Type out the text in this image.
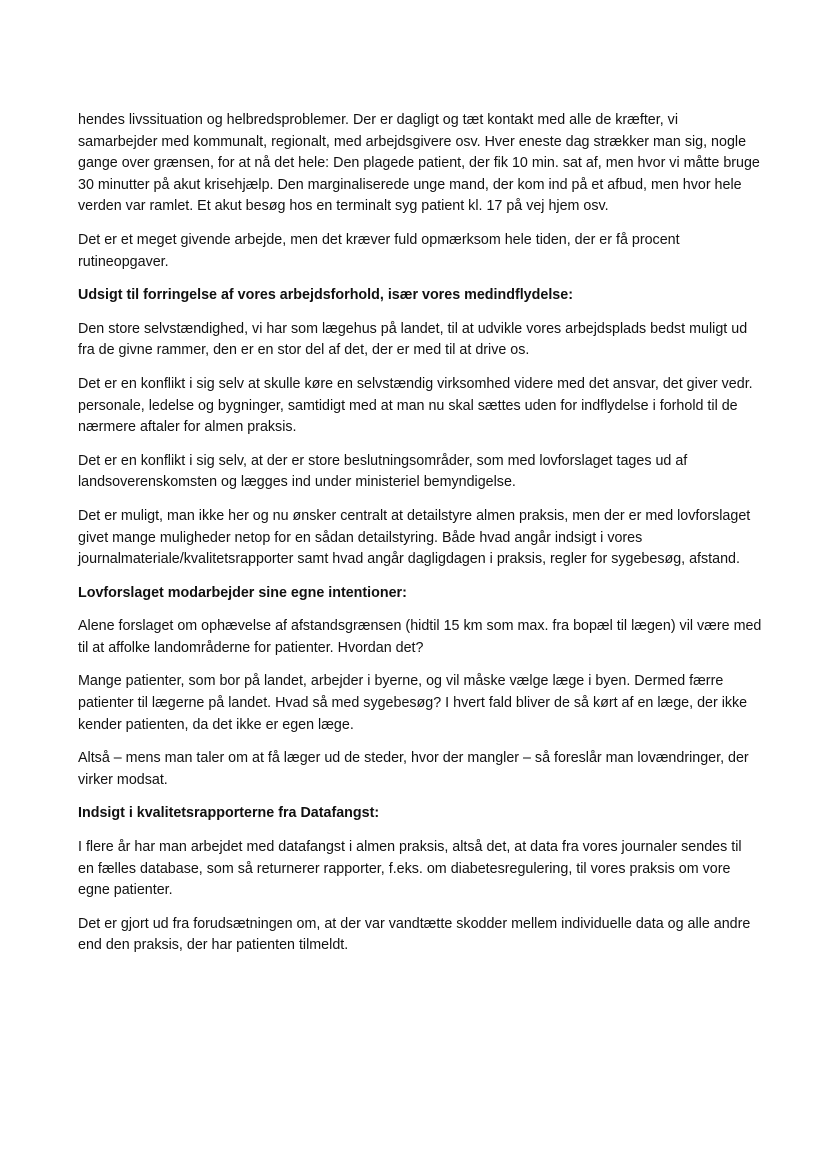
hendes livssituation og helbredsproblemer. Der er dagligt og tæt kontakt med alle de kræfter, vi
samarbejder med kommunalt, regionalt, med arbejdsgivere osv. Hver eneste dag strækker man sig, nogle
gange over grænsen, for at nå det hele: Den plagede patient, der fik 10 min. sat af, men hvor vi måtte bruge
30 minutter på akut krisehjælp. Den marginaliserede unge mand, der kom ind på et afbud, men hvor hele
verden var ramlet. Et akut besøg hos en terminalt syg patient kl. 17 på vej hjem osv.

Det er et meget givende arbejde, men det kræver fuld opmærksom hele tiden, der er få procent
rutineopgaver.

Udsigt til forringelse af vores arbejdsforhold, især vores medindflydelse:

Den store selvstændighed, vi har som lægehus på landet, til at udvikle vores arbejdsplads bedst muligt ud
fra de givne rammer, den er en stor del af det, der er med til at drive os.

Det er en konflikt i sig selv at skulle køre en selvstændig virksomhed videre med det ansvar, det giver vedr.
personale, ledelse og bygninger, samtidigt med at man nu skal sættes uden for indflydelse i forhold til de
nærmere aftaler for almen praksis.

Det er en konflikt i sig selv, at der er store beslutningsområder, som med lovforslaget tages ud af
landsoverenskomsten og lægges ind under ministeriel bemyndigelse.

Det er muligt, man ikke her og nu ønsker centralt at detailstyre almen praksis, men der er med lovforslaget
givet mange muligheder netop for en sådan detailstyring. Både hvad angår indsigt i vores
journalmateriale/kvalitetsrapporter samt hvad angår dagligdagen i praksis, regler for sygebesøg, afstand.

Lovforslaget modarbejder sine egne intentioner:

Alene forslaget om ophævelse af afstandsgrænsen (hidtil 15 km som max. fra bopæl til lægen) vil være med
til at affolke landområderne for patienter. Hvordan det?

Mange patienter, som bor på landet, arbejder i byerne, og vil måske vælge læge i byen. Dermed færre
patienter til lægerne på landet. Hvad så med sygebesøg? I hvert fald bliver de så kørt af en læge, der ikke
kender patienten, da det ikke er egen læge.

Altså – mens man taler om at få læger ud de steder, hvor der mangler – så foreslår man lovændringer, der
virker modsat.

Indsigt i kvalitetsrapporterne fra Datafangst:

I flere år har man arbejdet med datafangst i almen praksis, altså det, at data fra vores journaler sendes til
en fælles database, som så returnerer rapporter, f.eks. om diabetesregulering, til vores praksis om vore
egne patienter.

Det er gjort ud fra forudsætningen om, at der var vandtætte skodder mellem individuelle data og alle andre
end den praksis, der har patienten tilmeldt.
